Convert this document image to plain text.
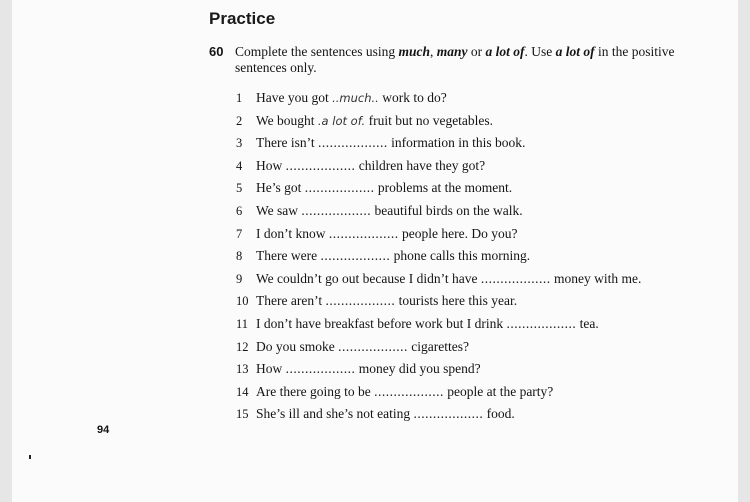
Practice
60 Complete the sentences using much, many or a lot of. Use a lot of in the positive sentences only.
1	Have you got ..much.. work to do?
2	We bought .a lot of. fruit but no vegetables.
3	There isn’t .................. information in this book.
4	How .................. children have they got?
5	He’s got .................. problems at the moment.
6	We saw .................. beautiful birds on the walk.
7	I don’t know .................. people here. Do you?
8	There were .................. phone calls this morning.
9	We couldn’t go out because I didn’t have .................. money with me.
10 There aren’t .................. tourists here this year.
11 I don’t have breakfast before work but I drink .................. tea.
12 Do you smoke .................. cigarettes?
13 How .................. money did you spend?
14 Are there going to be .................. people at the party?
15 She’s ill and she’s not eating .................. food.
94
